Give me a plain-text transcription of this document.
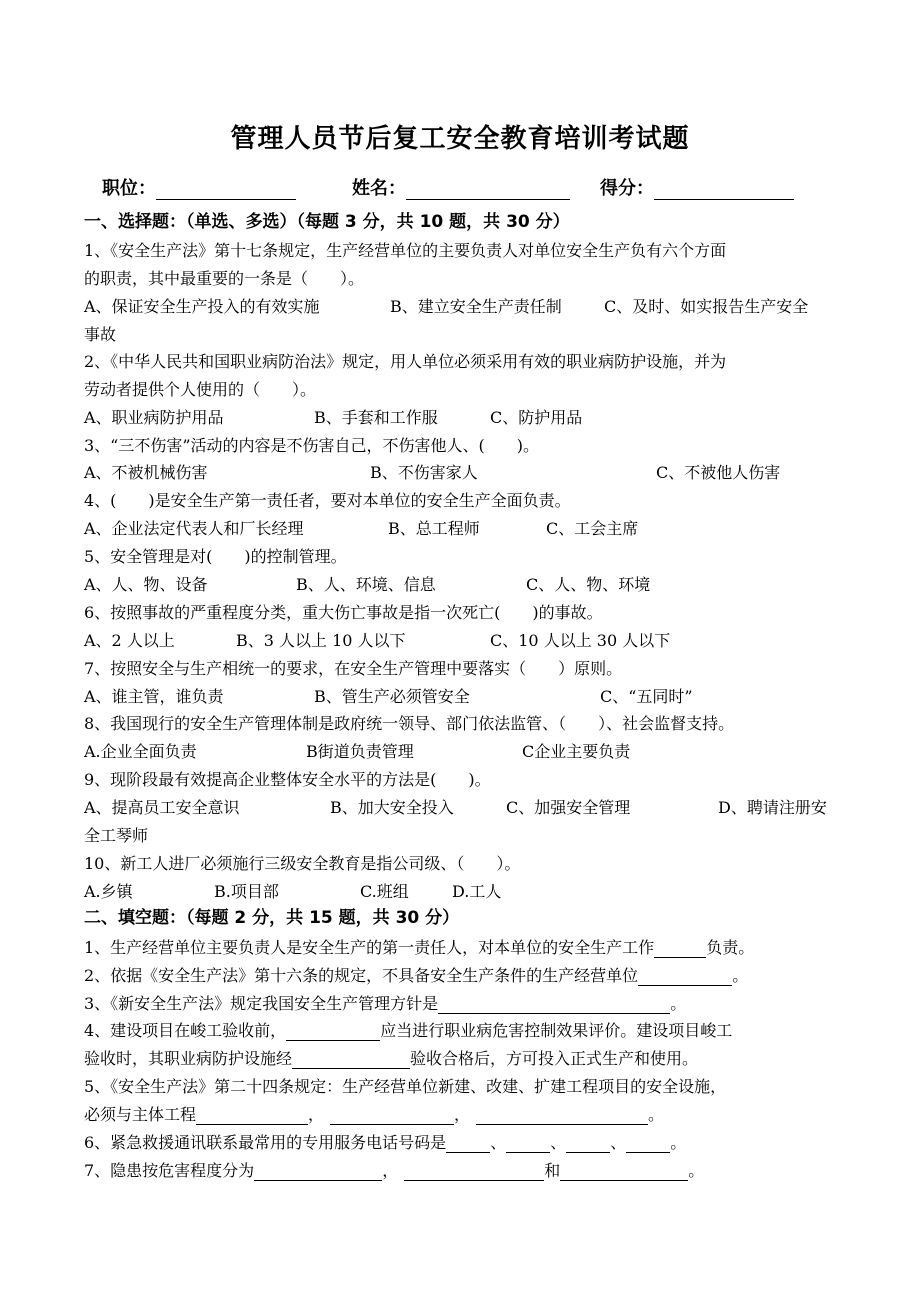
管理人员节后复工安全教育培训考试题
职位：	姓名：	得分：
一、选择题：（单选、多选）（每题 3 分，共 10 题，共 30 分）
1、《安全生产法》第十七条规定，生产经营单位的主要负责人对单位安全生产负有六个方面
的职责，其中最重要的一条是（　　）。
A、保证安全生产投入的有效实施	B、建立安全生产责任制	C、及时、如实报告生产安全
事故
2、《中华人民共和国职业病防治法》规定，用人单位必须采用有效的职业病防护设施，并为
劳动者提供个人使用的（　　）。
A、职业病防护用品	B、手套和工作服	C、防护用品
3、“三不伤害”活动的内容是不伤害自己，不伤害他人、(　　)。
A、不被机械伤害	B、不伤害家人	C、不被他人伤害
4、(　　)是安全生产第一责任者，要对本单位的安全生产全面负责。
A、企业法定代表人和厂长经理	B、总工程师	C、工会主席
5、安全管理是对(　　)的控制管理。
A、人、物、设备	B、人、环境、信息	C、人、物、环境
6、按照事故的严重程度分类，重大伤亡事故是指一次死亡(　　)的事故。
A、2 人以上	B、3 人以上 10 人以下	C、10 人以上 30 人以下
7、按照安全与生产相统一的要求，在安全生产管理中要落实（　　）原则。
A、谁主管，谁负责	B、管生产必须管安全	C、“五同时”
8、我国现行的安全生产管理体制是政府统一领导、部门依法监管、（　　）、社会监督支持。
A.企业全面负责	B街道负责管理	C企业主要负责
9、现阶段最有效提高企业整体安全水平的方法是(　　)。
A、提高员工安全意识	B、加大安全投入	C、加强安全管理	D、聘请注册安
全工琴师
10、新工人进厂必须施行三级安全教育是指公司级、（　　）。
A.乡镇	B.项目部	C.班组	D.工人
二、填空题：（每题 2 分，共 15 题，共 30 分）
1、生产经营单位主要负责人是安全生产的第一责任人，对本单位的安全生产工作	负责。
2、依据《安全生产法》第十六条的规定，不具备安全生产条件的生产经营单位	。
3、《新安全生产法》规定我国安全生产管理方针是	。
4、建设项目在峻工验收前，	应当进行职业病危害控制效果评价。建设项目峻工
验收时，其职业病防护设施经	验收合格后，方可投入正式生产和使用。
5、《安全生产法》第二十四条规定：生产经营单位新建、改建、扩建工程项目的安全设施，
必须与主体工程	，	，	。
6、紧急救援通讯联系最常用的专用服务电话号码是	、	、	、	。
7、隐患按危害程度分为	，	和	。
